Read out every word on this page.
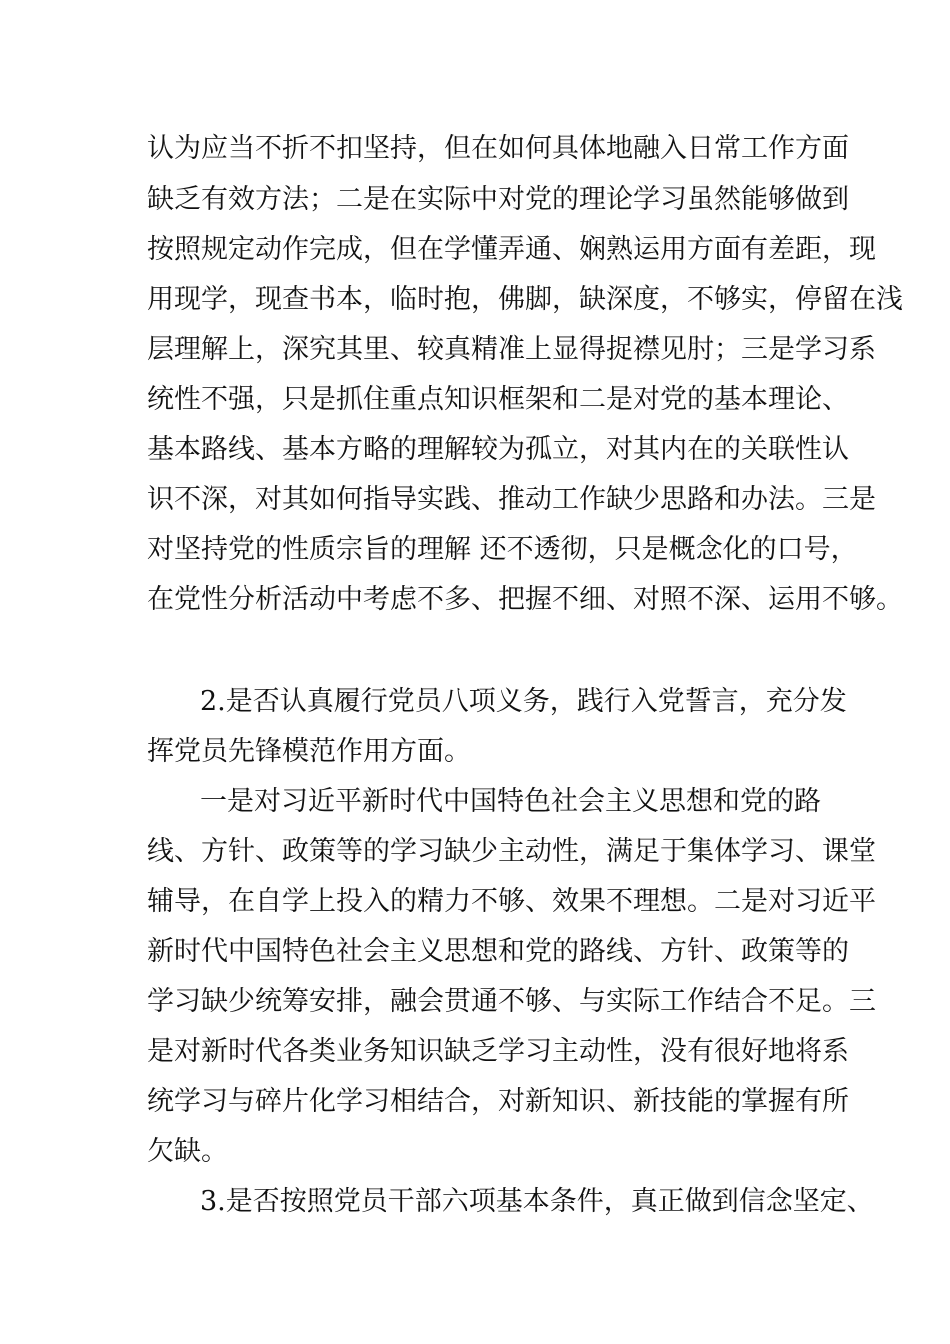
认为应当不折不扣坚持，但在如何具体地融入日常工作方面
缺乏有效方法；二是在实际中对党的理论学习虽然能够做到
按照规定动作完成，但在学懂弄通、娴熟运用方面有差距，现
用现学，现查书本，临时抱，佛脚，缺深度，不够实，停留在浅
层理解上，深究其里、较真精准上显得捉襟见肘；三是学习系
统性不强，只是抓住重点知识框架和二是对党的基本理论、
基本路线、基本方略的理解较为孤立，对其内在的关联性认
识不深，对其如何指导实践、推动工作缺少思路和办法。三是
对坚持党的性质宗旨的理解 还不透彻，只是概念化的口号，
在党性分析活动中考虑不多、把握不细、对照不深、运用不够。
2.是否认真履行党员八项义务，践行入党誓言，充分发
挥党员先锋模范作用方面。
一是对习近平新时代中国特色社会主义思想和党的路
线、方针、政策等的学习缺少主动性，满足于集体学习、课堂
辅导，在自学上投入的精力不够、效果不理想。二是对习近平
新时代中国特色社会主义思想和党的路线、方针、政策等的
学习缺少统筹安排，融会贯通不够、与实际工作结合不足。三
是对新时代各类业务知识缺乏学习主动性，没有很好地将系
统学习与碎片化学习相结合，对新知识、新技能的掌握有所
欠缺。
3.是否按照党员干部六项基本条件，真正做到信念坚定、
